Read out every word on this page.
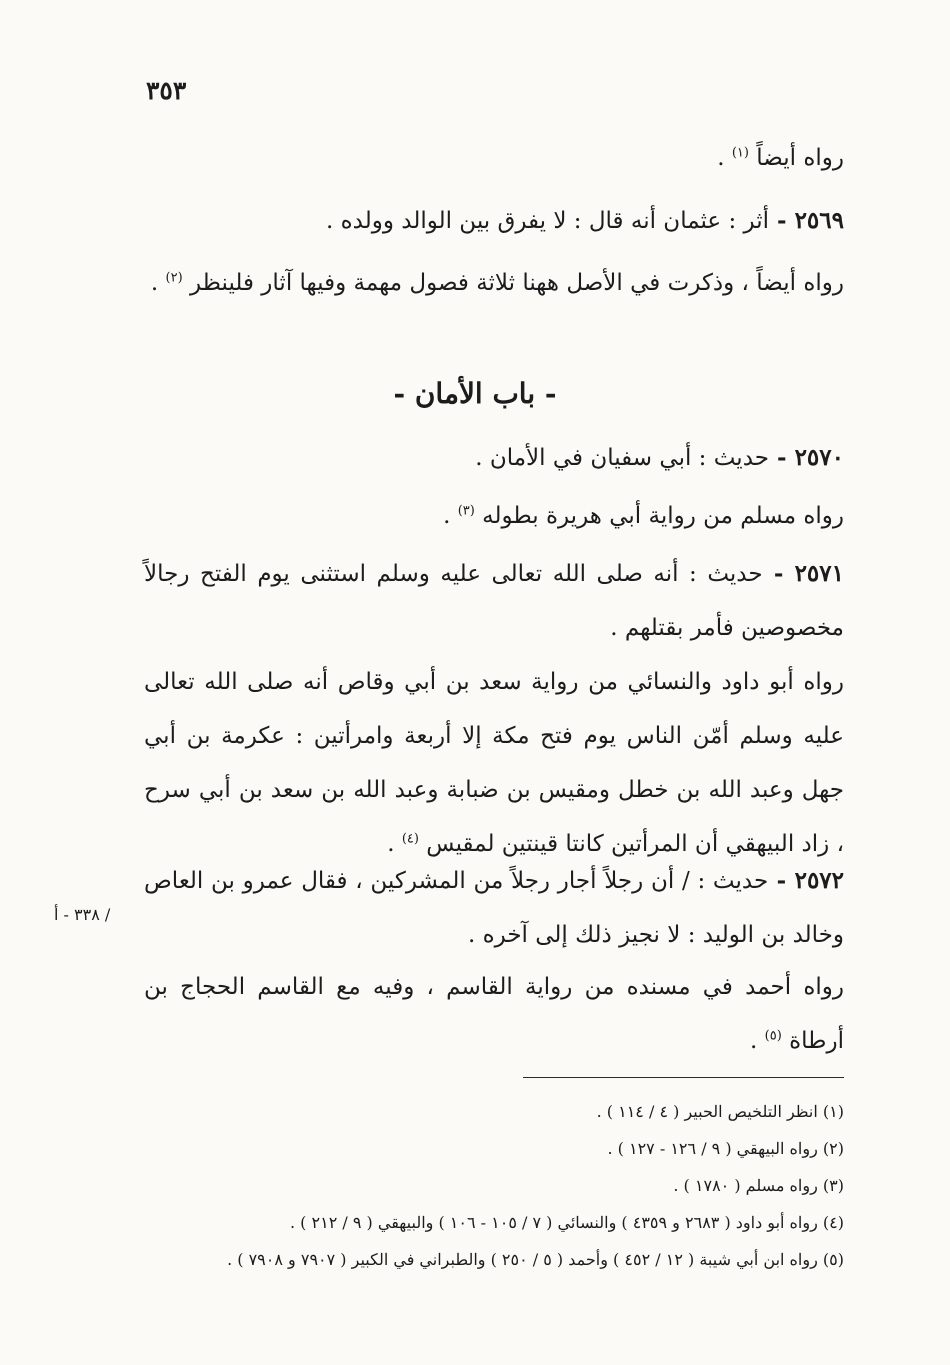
٣٥٣
رواه أيضاً $^{(١)}$ .
٢٥٦٩ - أثر : عثمان أنه قال : لا يفرق بين الوالد وولده .
رواه أيضاً ، وذكرت في الأصل ههنا ثلاثة فصول مهمة وفيها آثار فلينظر $^{(٢)}$ .
- باب الأمان -
٢٥٧٠ - حديث : أبي سفيان في الأمان .
رواه مسلم من رواية أبي هريرة بطوله $^{(٣)}$ .
٢٥٧١ - حديث : أنه صلى الله تعالى عليه وسلم استثنى يوم الفتح رجالاً مخصوصين فأمر بقتلهم .
رواه أبو داود والنسائي من رواية سعد بن أبي وقاص أنه صلى الله تعالى عليه وسلم أمّن الناس يوم فتح مكة إلا أربعة وامرأتين : عكرمة بن أبي جهل وعبد الله بن خطل ومقيس بن ضبابة وعبد الله بن سعد بن أبي سرح ، زاد البيهقي أن المرأتين كانتا قينتين لمقيس $^{(٤)}$ .
٢٥٧٢ - حديث : / أن رجلاً أجار رجلاً من المشركين ، فقال عمرو بن العاص وخالد بن الوليد : لا نجيز ذلك إلى آخره .
/ ٣٣٨ - أ
رواه أحمد في مسنده من رواية القاسم ، وفيه مع القاسم الحجاج بن أرطاة $^{(٥)}$ .
(١) انظر التلخيص الحبير ( ٤ / ١١٤ ) .
(٢) رواه البيهقي ( ٩ / ١٢٦ - ١٢٧ ) .
(٣) رواه مسلم ( ١٧٨٠ ) .
(٤) رواه أبو داود ( ٢٦٨٣ و ٤٣٥٩ ) والنسائي ( ٧ / ١٠٥ - ١٠٦ ) والبيهقي ( ٩ / ٢١٢ ) .
(٥) رواه ابن أبي شيبة ( ١٢ / ٤٥٢ ) وأحمد ( ٥ / ٢٥٠ ) والطبراني في الكبير ( ٧٩٠٧ و ٧٩٠٨ ) .
